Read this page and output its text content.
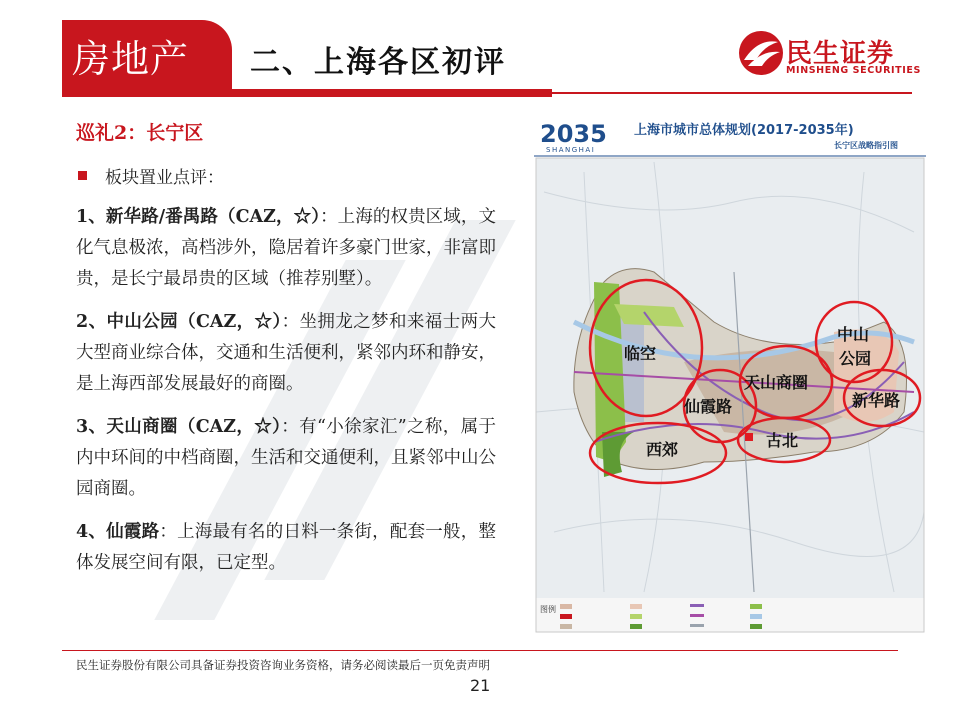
房地产 二、上海各区初评	民生证券
MINSHENG SECURITIES
巡礼2：长宁区
板块置业点评：
1、新华路/番禺路（CAZ，☆）：上海的权贵区域，文化气息极浓，高档涉外，隐居着许多豪门世家，非富即贵，是长宁最昂贵的区域（推荐别墅）。
2、中山公园（CAZ，☆）：坐拥龙之梦和来福士两大大型商业综合体，交通和生活便利，紧邻内环和静安，是上海西部发展最好的商圈。
3、天山商圈（CAZ，☆）：有“小徐家汇”之称，属于内中环间的中档商圈，生活和交通便利，且紧邻中山公园商圈。
4、仙霞路：上海最有名的日料一条街，配套一般，整体发展空间有限，已定型。
2035
SHANGHAI
上海市城市总体规划(2017-2035年)
长宁区战略指引图
图例
临空
西郊
仙霞路
天山商圈
古北
中山
公园
新华路
民生证券股份有限公司具备证券投资咨询业务资格，请务必阅读最后一页免责声明
21
